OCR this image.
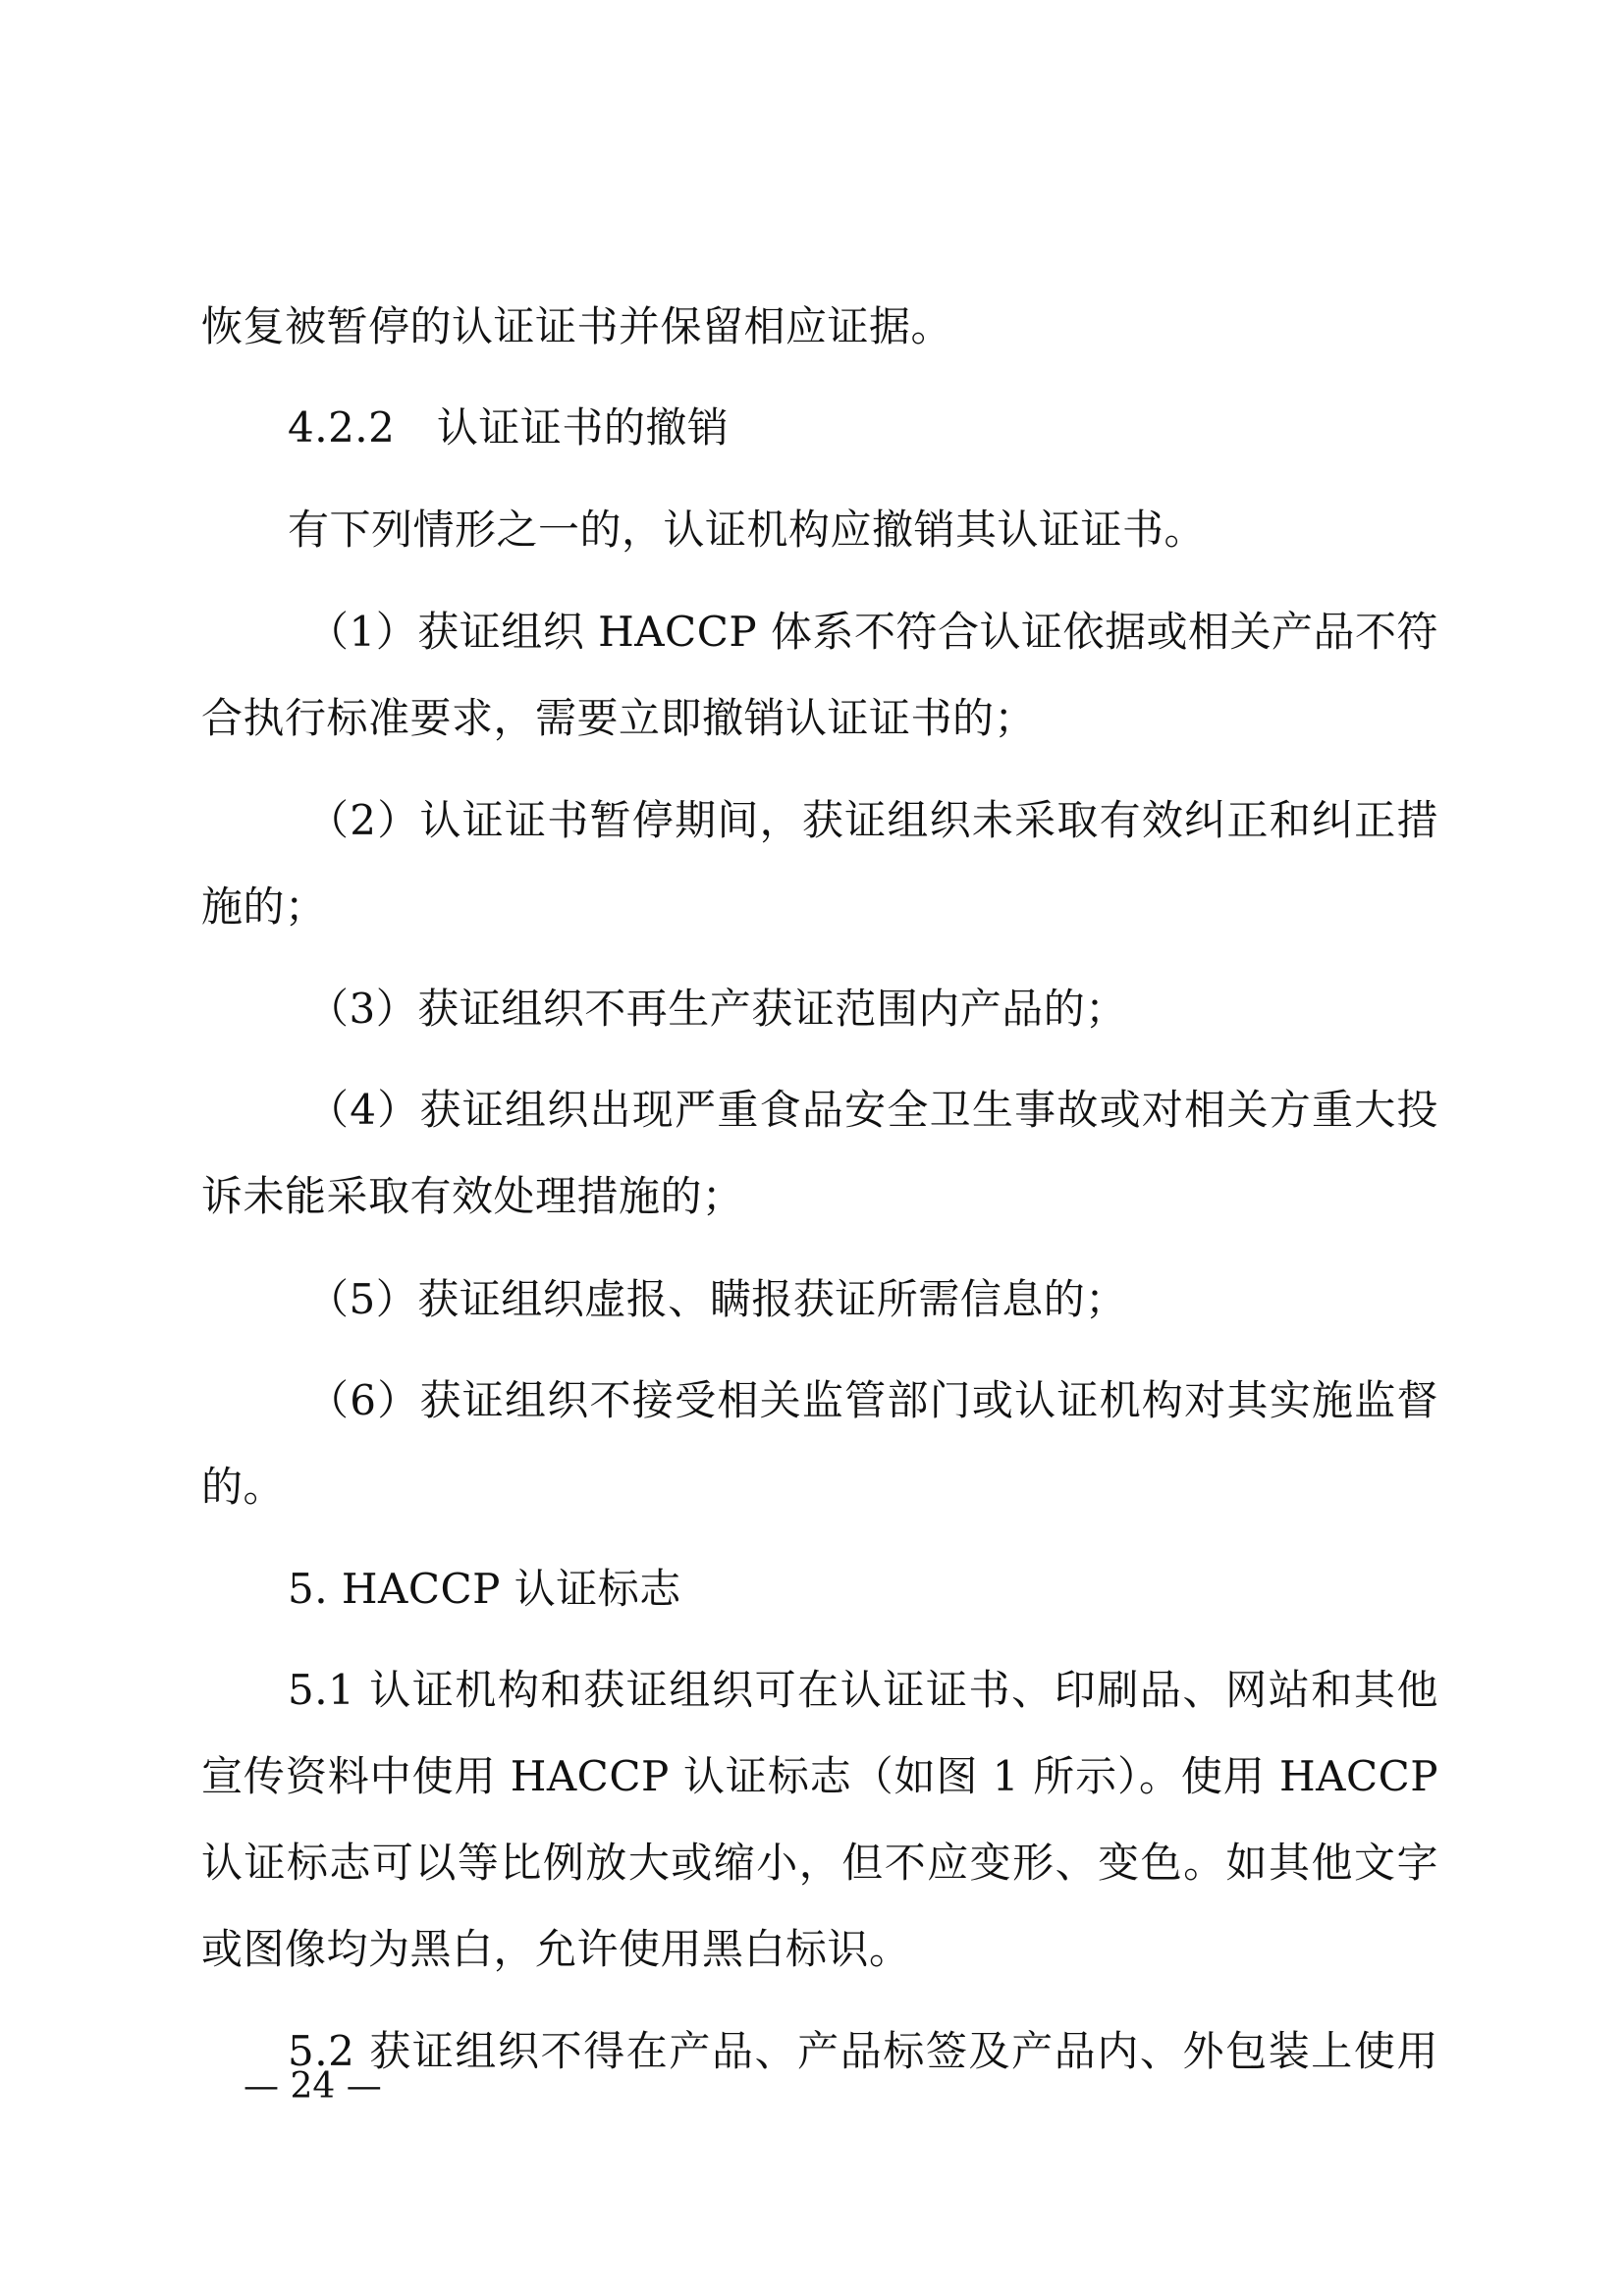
恢复被暂停的认证证书并保留相应证据。
4.2.2　认证证书的撤销
有下列情形之一的，认证机构应撤销其认证证书。
（1）获证组织 HACCP 体系不符合认证依据或相关产品不符
合执行标准要求，需要立即撤销认证证书的；
（2）认证证书暂停期间，获证组织未采取有效纠正和纠正措
施的；
（3）获证组织不再生产获证范围内产品的；
（4）获证组织出现严重食品安全卫生事故或对相关方重大投
诉未能采取有效处理措施的；
（5）获证组织虚报、瞒报获证所需信息的；
（6）获证组织不接受相关监管部门或认证机构对其实施监督
的。
5. HACCP 认证标志
5.1 认证机构和获证组织可在认证证书、印刷品、网站和其他
宣传资料中使用 HACCP 认证标志（如图 1 所示）。使用 HACCP
认证标志可以等比例放大或缩小，但不应变形、变色。如其他文字
或图像均为黑白，允许使用黑白标识。
5.2 获证组织不得在产品、产品标签及产品内、外包装上使用
— 24 —
